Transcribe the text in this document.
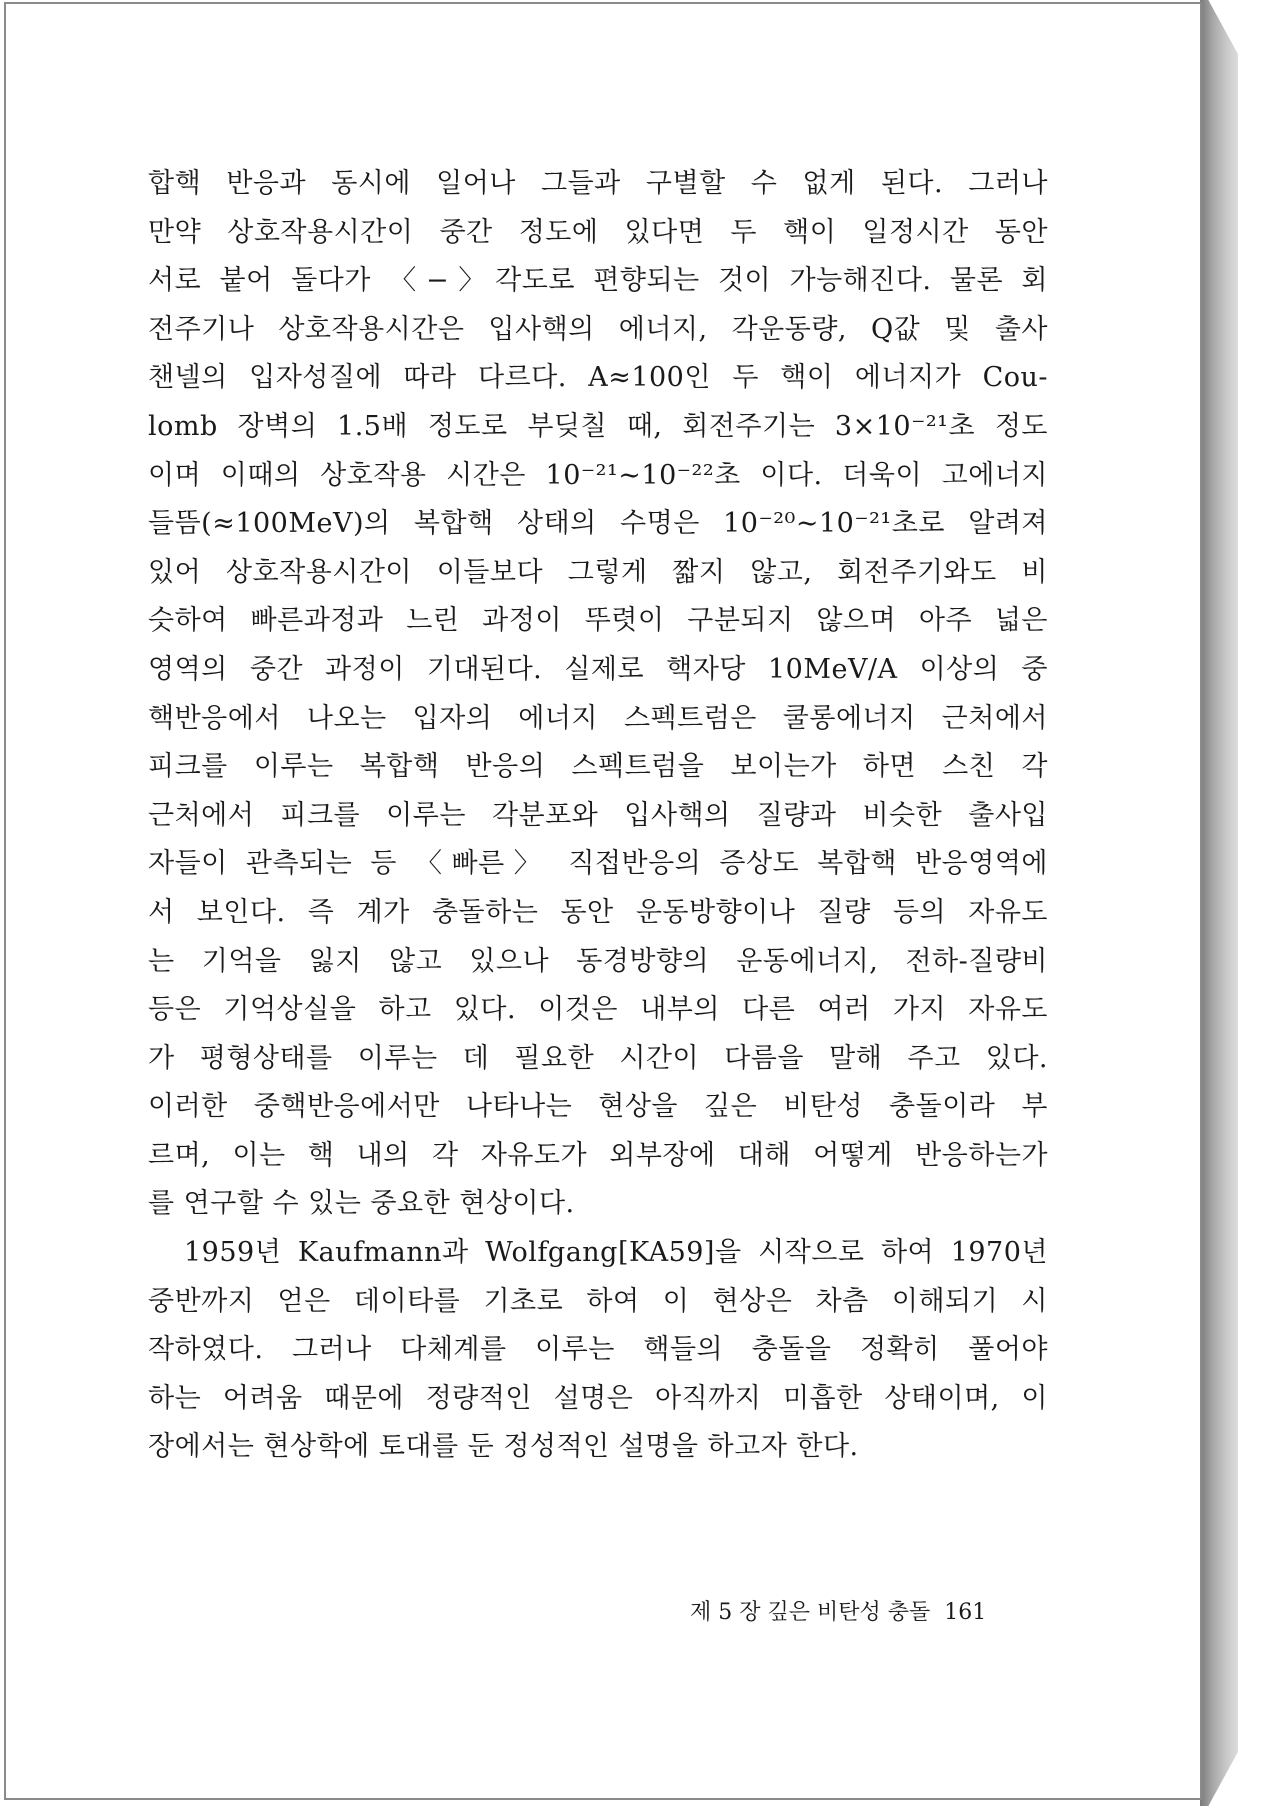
합핵 반응과 동시에 일어나 그들과 구별할 수 없게 된다. 그러나
만약 상호작용시간이 중간 정도에 있다면 두 핵이 일정시간 동안
서로 붙어 돌다가 〈−〉각도로 편향되는 것이 가능해진다. 물론 회
전주기나 상호작용시간은 입사핵의 에너지, 각운동량, Q값 및 출사
챈넬의 입자성질에 따라 다르다. A≈100인 두 핵이 에너지가 Cou-
lomb 장벽의 1.5배 정도로 부딪칠 때, 회전주기는 3×10⁻²¹초 정도
이며 이때의 상호작용 시간은 10⁻²¹∼10⁻²²초 이다. 더욱이 고에너지
들뜸(≈100MeV)의 복합핵 상태의 수명은 10⁻²⁰∼10⁻²¹초로 알려져
있어 상호작용시간이 이들보다 그렇게 짧지 않고, 회전주기와도 비
슷하여 빠른과정과 느린 과정이 뚜렷이 구분되지 않으며 아주 넓은
영역의 중간 과정이 기대된다. 실제로 핵자당 10MeV/A 이상의 중
핵반응에서 나오는 입자의 에너지 스펙트럼은 쿨롱에너지 근처에서
피크를 이루는 복합핵 반응의 스펙트럼을 보이는가 하면 스친 각
근처에서 피크를 이루는 각분포와 입사핵의 질량과 비슷한 출사입
자들이 관측되는 등 〈빠른〉 직접반응의 증상도 복합핵 반응영역에
서 보인다. 즉 계가 충돌하는 동안 운동방향이나 질량 등의 자유도
는 기억을 잃지 않고 있으나 동경방향의 운동에너지, 전하-질량비
등은 기억상실을 하고 있다. 이것은 내부의 다른 여러 가지 자유도
가 평형상태를 이루는 데 필요한 시간이 다름을 말해 주고 있다.
이러한 중핵반응에서만 나타나는 현상을 깊은 비탄성 충돌이라 부
르며, 이는 핵 내의 각 자유도가 외부장에 대해 어떻게 반응하는가
를 연구할 수 있는 중요한 현상이다.
1959년 Kaufmann과 Wolfgang[KA59]을 시작으로 하여 1970년
중반까지 얻은 데이타를 기초로 하여 이 현상은 차츰 이해되기 시
작하였다. 그러나 다체계를 이루는 핵들의 충돌을 정확히 풀어야
하는 어려움 때문에 정량적인 설명은 아직까지 미흡한 상태이며, 이
장에서는 현상학에 토대를 둔 정성적인 설명을 하고자 한다.
제 5 장 깊은 비탄성 충돌 161
